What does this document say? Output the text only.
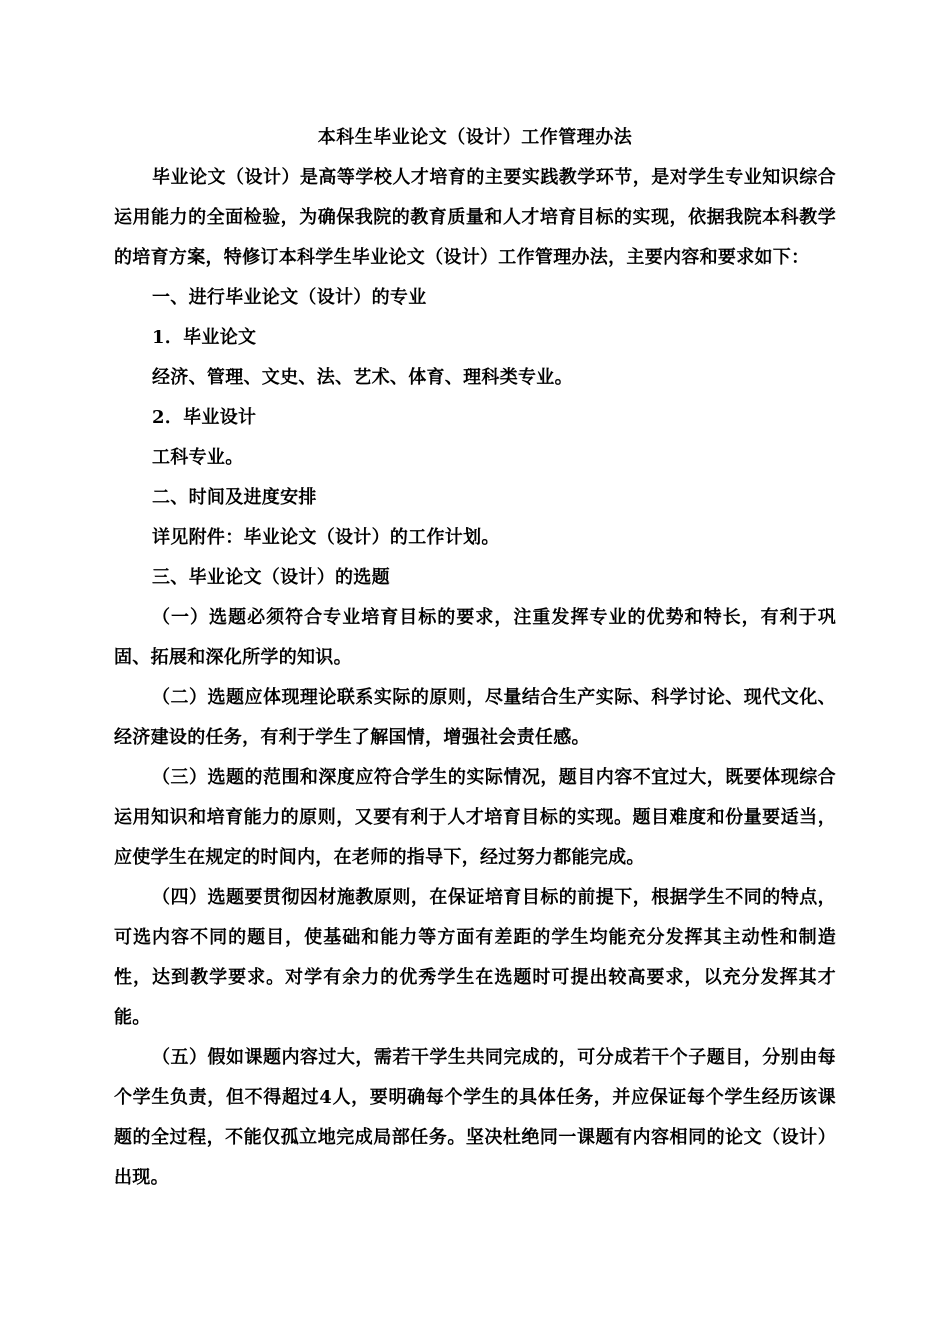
本科生毕业论文（设计）工作管理办法

毕业论文（设计）是高等学校人才培育的主要实践教学环节，是对学生专业知识综合运用能力的全面检验，为确保我院的教育质量和人才培育目标的实现，依据我院本科教学的培育方案，特修订本科学生毕业论文（设计）工作管理办法，主要内容和要求如下：

一、进行毕业论文（设计）的专业

1．毕业论文

经济、管理、文史、法、艺术、体育、理科类专业。

2．毕业设计

工科专业。

二、时间及进度安排

详见附件：毕业论文（设计）的工作计划。

三、毕业论文（设计）的选题

（一）选题必须符合专业培育目标的要求，注重发挥专业的优势和特长，有利于巩固、拓展和深化所学的知识。

（二）选题应体现理论联系实际的原则，尽量结合生产实际、科学讨论、现代文化、经济建设的任务，有利于学生了解国情，增强社会责任感。

（三）选题的范围和深度应符合学生的实际情况，题目内容不宜过大，既要体现综合运用知识和培育能力的原则，又要有利于人才培育目标的实现。题目难度和份量要适当，应使学生在规定的时间内，在老师的指导下，经过努力都能完成。

（四）选题要贯彻因材施教原则，在保证培育目标的前提下，根据学生不同的特点，可选内容不同的题目，使基础和能力等方面有差距的学生均能充分发挥其主动性和制造性，达到教学要求。对学有余力的优秀学生在选题时可提出较高要求，以充分发挥其才能。

（五）假如课题内容过大，需若干学生共同完成的，可分成若干个子题目，分别由每个学生负责，但不得超过4人，要明确每个学生的具体任务，并应保证每个学生经历该课题的全过程，不能仅孤立地完成局部任务。坚决杜绝同一课题有内容相同的论文（设计）出现。
